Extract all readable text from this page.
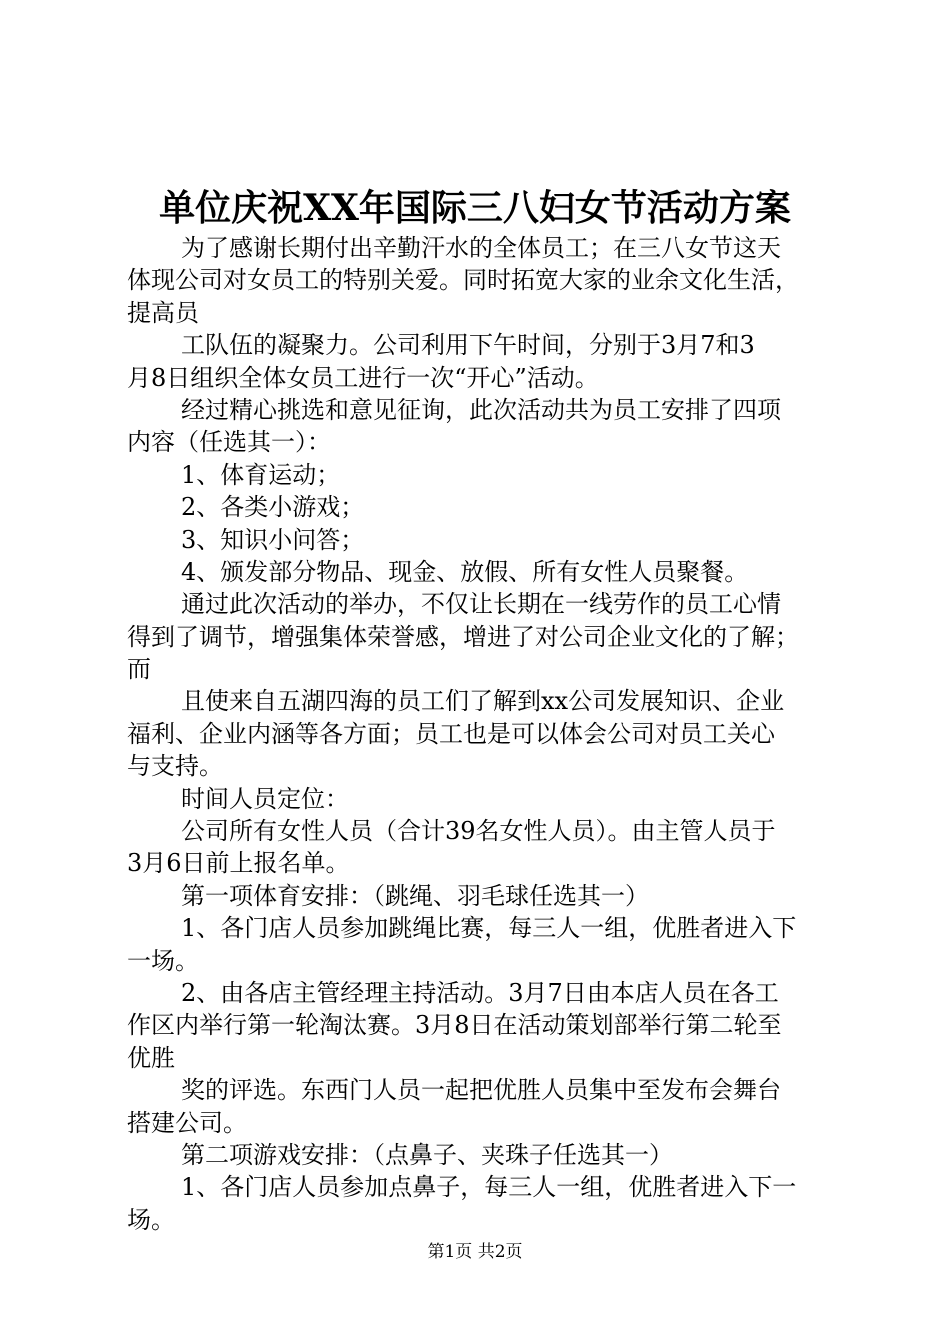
单位庆祝XX年国际三八妇女节活动方案
为了感谢长期付出辛勤汗水的全体员工；在三八女节这天
体现公司对女员工的特别关爱。同时拓宽大家的业余文化生活，
提高员
工队伍的凝聚力。公司利用下午时间，分别于3月7和3
月8日组织全体女员工进行一次“开心”活动。
经过精心挑选和意见征询，此次活动共为员工安排了四项
内容（任选其一）：
1、体育运动；
2、各类小游戏；
3、知识小问答；
4、颁发部分物品、现金、放假、所有女性人员聚餐。
通过此次活动的举办，不仅让长期在一线劳作的员工心情
得到了调节，增强集体荣誉感，增进了对公司企业文化的了解；
而
且使来自五湖四海的员工们了解到xx公司发展知识、企业
福利、企业内涵等各方面；员工也是可以体会公司对员工关心
与支持。
时间人员定位：
公司所有女性人员（合计39名女性人员）。由主管人员于
3月6日前上报名单。
第一项体育安排：（跳绳、羽毛球任选其一）
1、各门店人员参加跳绳比赛，每三人一组，优胜者进入下
一场。
2、由各店主管经理主持活动。3月7日由本店人员在各工
作区内举行第一轮淘汰赛。3月8日在活动策划部举行第二轮至
优胜
奖的评选。东西门人员一起把优胜人员集中至发布会舞台
搭建公司。
第二项游戏安排：（点鼻子、夹珠子任选其一）
1、各门店人员参加点鼻子，每三人一组，优胜者进入下一
场。
第1页 共2页
